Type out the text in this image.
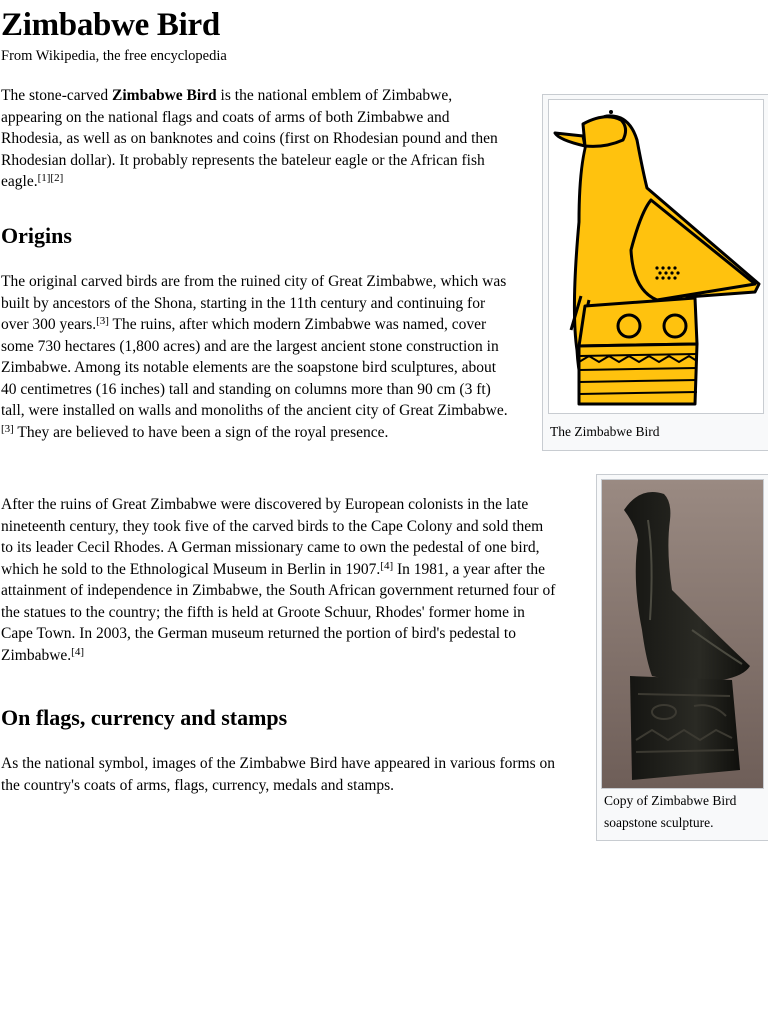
Zimbabwe Bird
From Wikipedia, the free encyclopedia
The stone-carved Zimbabwe Bird is the national emblem of Zimbabwe, appearing on the national flags and coats of arms of both Zimbabwe and Rhodesia, as well as on banknotes and coins (first on Rhodesian pound and then Rhodesian dollar). It probably represents the bateleur eagle or the African fish eagle.[1][2]
Origins
The original carved birds are from the ruined city of Great Zimbabwe, which was built by ancestors of the Shona, starting in the 11th century and continuing for over 300 years.[3] The ruins, after which modern Zimbabwe was named, cover some 730 hectares (1,800 acres) and are the largest ancient stone construction in Zimbabwe. Among its notable elements are the soapstone bird sculptures, about 40 centimetres (16 inches) tall and standing on columns more than 90 cm (3 ft) tall, were installed on walls and monoliths of the ancient city of Great Zimbabwe.[3] They are believed to have been a sign of the royal presence.
After the ruins of Great Zimbabwe were discovered by European colonists in the late nineteenth century, they took five of the carved birds to the Cape Colony and sold them to its leader Cecil Rhodes. A German missionary came to own the pedestal of one bird, which he sold to the Ethnological Museum in Berlin in 1907.[4] In 1981, a year after the attainment of independence in Zimbabwe, the South African government returned four of the statues to the country; the fifth is held at Groote Schuur, Rhodes' former home in Cape Town. In 2003, the German museum returned the portion of bird's pedestal to Zimbabwe.[4]
On flags, currency and stamps
As the national symbol, images of the Zimbabwe Bird have appeared in various forms on the country's coats of arms, flags, currency, medals and stamps.
The Zimbabwe Bird
Copy of Zimbabwe Bird soapstone sculpture.
